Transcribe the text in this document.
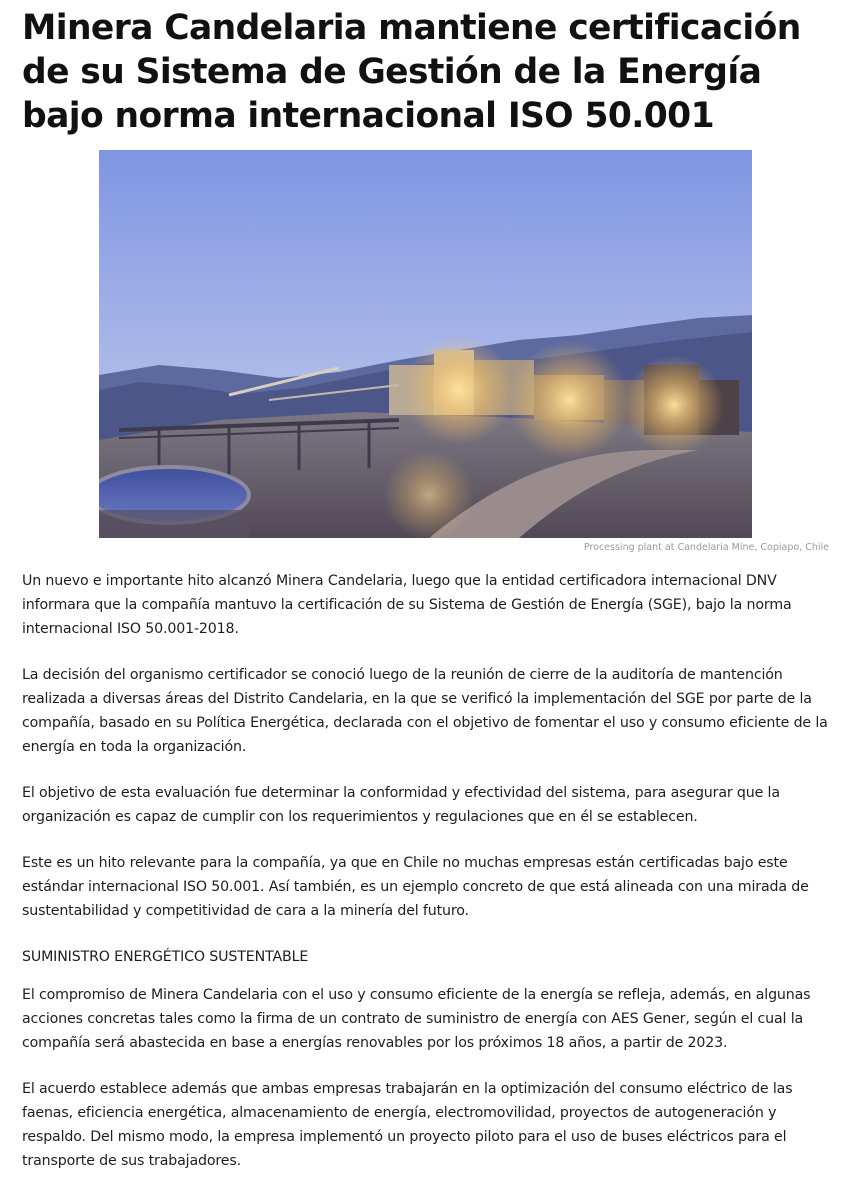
Minera Candelaria mantiene certificación de su Sistema de Gestión de la Energía bajo norma internacional ISO 50.001
Processing plant at Candelaria Mine, Copiapo, Chile

Un nuevo e importante hito alcanzó Minera Candelaria, luego que la entidad certificadora internacional DNV informara que la compañía mantuvo la certificación de su Sistema de Gestión de Energía (SGE), bajo la norma internacional ISO 50.001-2018.

La decisión del organismo certificador se conoció luego de la reunión de cierre de la auditoría de mantención realizada a diversas áreas del Distrito Candelaria, en la que se verificó la implementación del SGE por parte de la compañía, basado en su Política Energética, declarada con el objetivo de fomentar el uso y consumo eficiente de la energía en toda la organización.

El objetivo de esta evaluación fue determinar la conformidad y efectividad del sistema, para asegurar que la organización es capaz de cumplir con los requerimientos y regulaciones que en él se establecen.

Este es un hito relevante para la compañía, ya que en Chile no muchas empresas están certificadas bajo este estándar internacional ISO 50.001. Así también, es un ejemplo concreto de que está alineada con una mirada de sustentabilidad y competitividad de cara a la minería del futuro.

SUMINISTRO ENERGÉTICO SUSTENTABLE

El compromiso de Minera Candelaria con el uso y consumo eficiente de la energía se refleja, además, en algunas acciones concretas tales como la firma de un contrato de suministro de energía con AES Gener, según el cual la compañía será abastecida en base a energías renovables por los próximos 18 años, a partir de 2023.

El acuerdo establece además que ambas empresas trabajarán en la optimización del consumo eléctrico de las faenas, eficiencia energética, almacenamiento de energía, electromovilidad, proyectos de autogeneración y respaldo. Del mismo modo, la empresa implementó un proyecto piloto para el uso de buses eléctricos para el transporte de sus trabajadores.
